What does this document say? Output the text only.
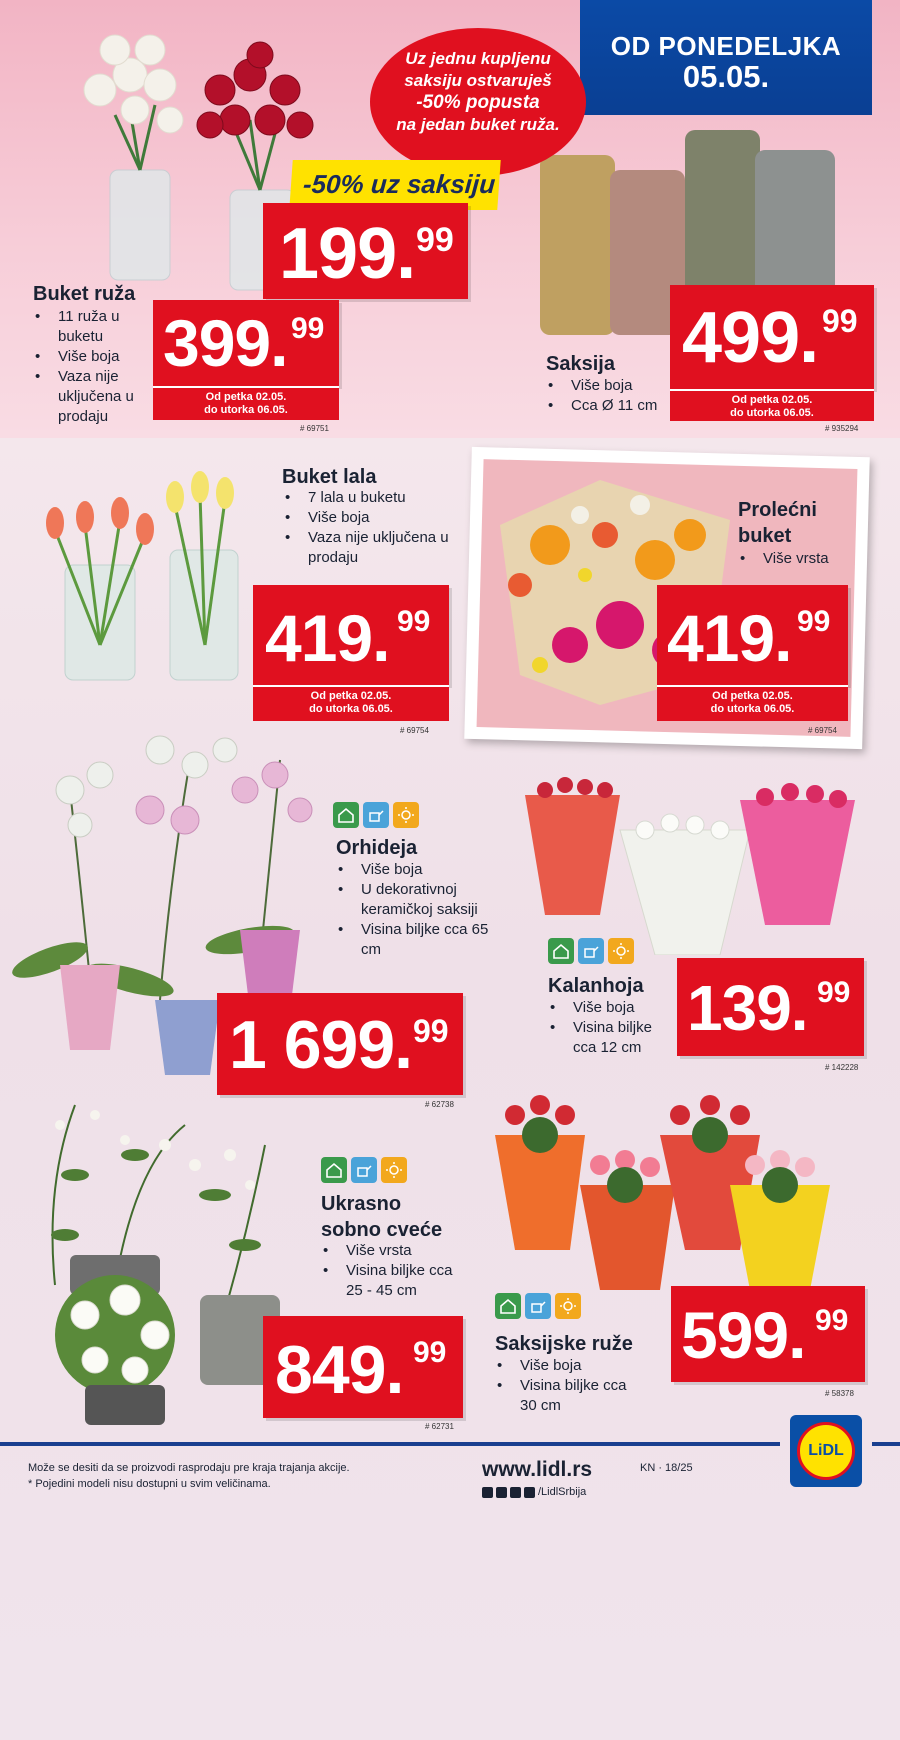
OD PONEDELJKA
05.05.
Uz jednu kupljenu
saksiju ostvaruješ
-50% popusta
na jedan buket ruža.
-50% uz saksiju
199. 99
Buket ruža
• 11 ruža u buketu
• Više boja
• Vaza nije uključena u prodaju
399. 99
Od petka 02.05.
do utorka 06.05.
# 69751
Saksija
• Više boja
• Cca Ø 11 cm
499. 99
Od petka 02.05.
do utorka 06.05.
# 935294
Buket lala
• 7 lala u buketu
• Više boja
• Vaza nije uključena u prodaju
419. 99
Od petka 02.05.
do utorka 06.05.
# 69754
Prolećni
buket
• Više vrsta
419. 99
Od petka 02.05.
do utorka 06.05.
# 69754
Orhideja
• Više boja
• U dekorativnoj keramičkoj saksiji
• Visina biljke cca 65 cm
1 699. 99
# 62738
Kalanhoja
• Više boja
• Visina biljke cca 12 cm
139. 99
# 142228
Ukrasno
sobno cveće
• Više vrsta
• Visina biljke cca 25 - 45 cm
849. 99
# 62731
Saksijske ruže
• Više boja
• Visina biljke cca 30 cm
599. 99
# 58378
LiDL
Može se desiti da se proizvodi rasprodaju pre kraja trajanja akcije.
* Pojedini modeli nisu dostupni u svim veličinama.
www.lidl.rs	KN · 18/25
/LidlSrbija
